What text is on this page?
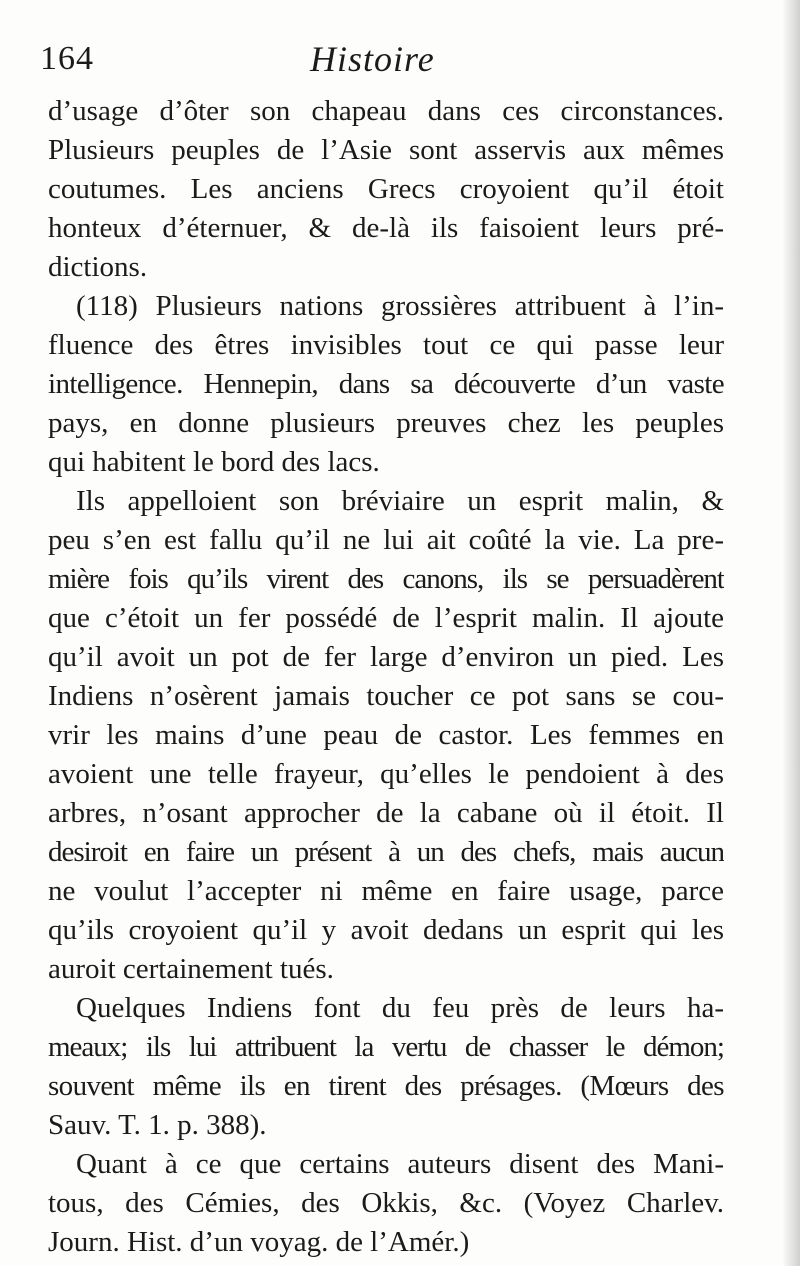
164	Histoire
d’usage d’ôter son chapeau dans ces circonstances.
Plusieurs peuples de l’Asie sont asservis aux mêmes
coutumes. Les anciens Grecs croyoient qu’il étoit
honteux d’éternuer, & de-là ils faisoient leurs pré-
dictions.
(118) Plusieurs nations grossières attribuent à l’in-
fluence des êtres invisibles tout ce qui passe leur
intelligence. Hennepin, dans sa découverte d’un vaste
pays, en donne plusieurs preuves chez les peuples
qui habitent le bord des lacs.
Ils appelloient son bréviaire un esprit malin, &
peu s’en est fallu qu’il ne lui ait coûté la vie. La pre-
mière fois qu’ils virent des canons, ils se persuadèrent
que c’étoit un fer possédé de l’esprit malin. Il ajoute
qu’il avoit un pot de fer large d’environ un pied. Les
Indiens n’osèrent jamais toucher ce pot sans se cou-
vrir les mains d’une peau de castor. Les femmes en
avoient une telle frayeur, qu’elles le pendoient à des
arbres, n’osant approcher de la cabane où il étoit. Il
desiroit en faire un présent à un des chefs, mais aucun
ne voulut l’accepter ni même en faire usage, parce
qu’ils croyoient qu’il y avoit dedans un esprit qui les
auroit certainement tués.
Quelques Indiens font du feu près de leurs ha-
meaux; ils lui attribuent la vertu de chasser le démon;
souvent même ils en tirent des présages. (Mœurs des
Sauv. T. 1. p. 388).
Quant à ce que certains auteurs disent des Mani-
tous, des Cémies, des Okkis, &c. (Voyez Charlev.
Journ. Hist. d’un voyag. de l’Amér.)
